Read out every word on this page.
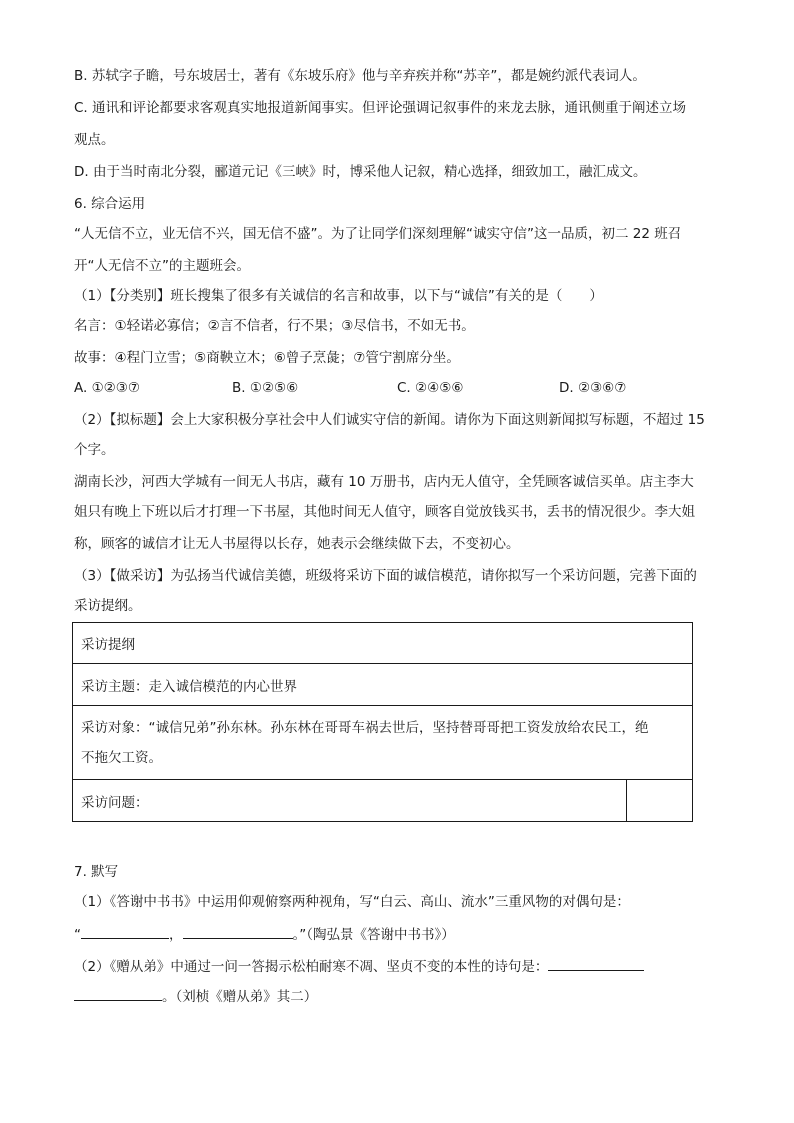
B. 苏轼字子瞻，号东坡居士，著有《东坡乐府》他与辛弃疾并称“苏辛”，都是婉约派代表词人。
C. 通讯和评论都要求客观真实地报道新闻事实。但评论强调记叙事件的来龙去脉，通讯侧重于阐述立场
观点。
D. 由于当时南北分裂，郦道元记《三峡》时，博采他人记叙，精心选择，细致加工，融汇成文。
6. 综合运用
“人无信不立，业无信不兴，国无信不盛”。为了让同学们深刻理解“诚实守信”这一品质，初二 22 班召
开“人无信不立”的主题班会。
（1）【分类别】班长搜集了很多有关诚信的名言和故事，以下与“诚信”有关的是（　　）
名言：①轻诺必寡信；②言不信者，行不果；③尽信书，不如无书。
故事：④程门立雪；⑤商鞅立木；⑥曾子烹彘；⑦管宁割席分坐。
A. ①②③⑦	B. ①②⑤⑥	C. ②④⑤⑥	D. ②③⑥⑦
（2）【拟标题】会上大家积极分享社会中人们诚实守信的新闻。请你为下面这则新闻拟写标题，不超过 15
个字。
湖南长沙，河西大学城有一间无人书店，藏有 10 万册书，店内无人值守，全凭顾客诚信买单。店主李大
姐只有晚上下班以后才打理一下书屋，其他时间无人值守，顾客自觉放钱买书，丢书的情况很少。李大姐
称，顾客的诚信才让无人书屋得以长存，她表示会继续做下去，不变初心。
（3）【做采访】为弘扬当代诚信美德，班级将采访下面的诚信模范，请你拟写一个采访问题，完善下面的
采访提纲。
采访提纲
采访主题：走入诚信模范的内心世界

采访对象：“诚信兄弟”孙东林。孙东林在哥哥车祸去世后，坚持替哥哥把工资发放给农民工，绝
不拖欠工资。

采访问题：	
7. 默写
（1）《答谢中书书》中运用仰观俯察两种视角，写“白云、高山、流水”三重风物的对偶句是：
“	，	。”（陶弘景《答谢中书书》）
（2）《赠从弟》中通过一问一答揭示松柏耐寒不凋、坚贞不变的本性的诗句是：
。（刘桢《赠从弟》其二）
